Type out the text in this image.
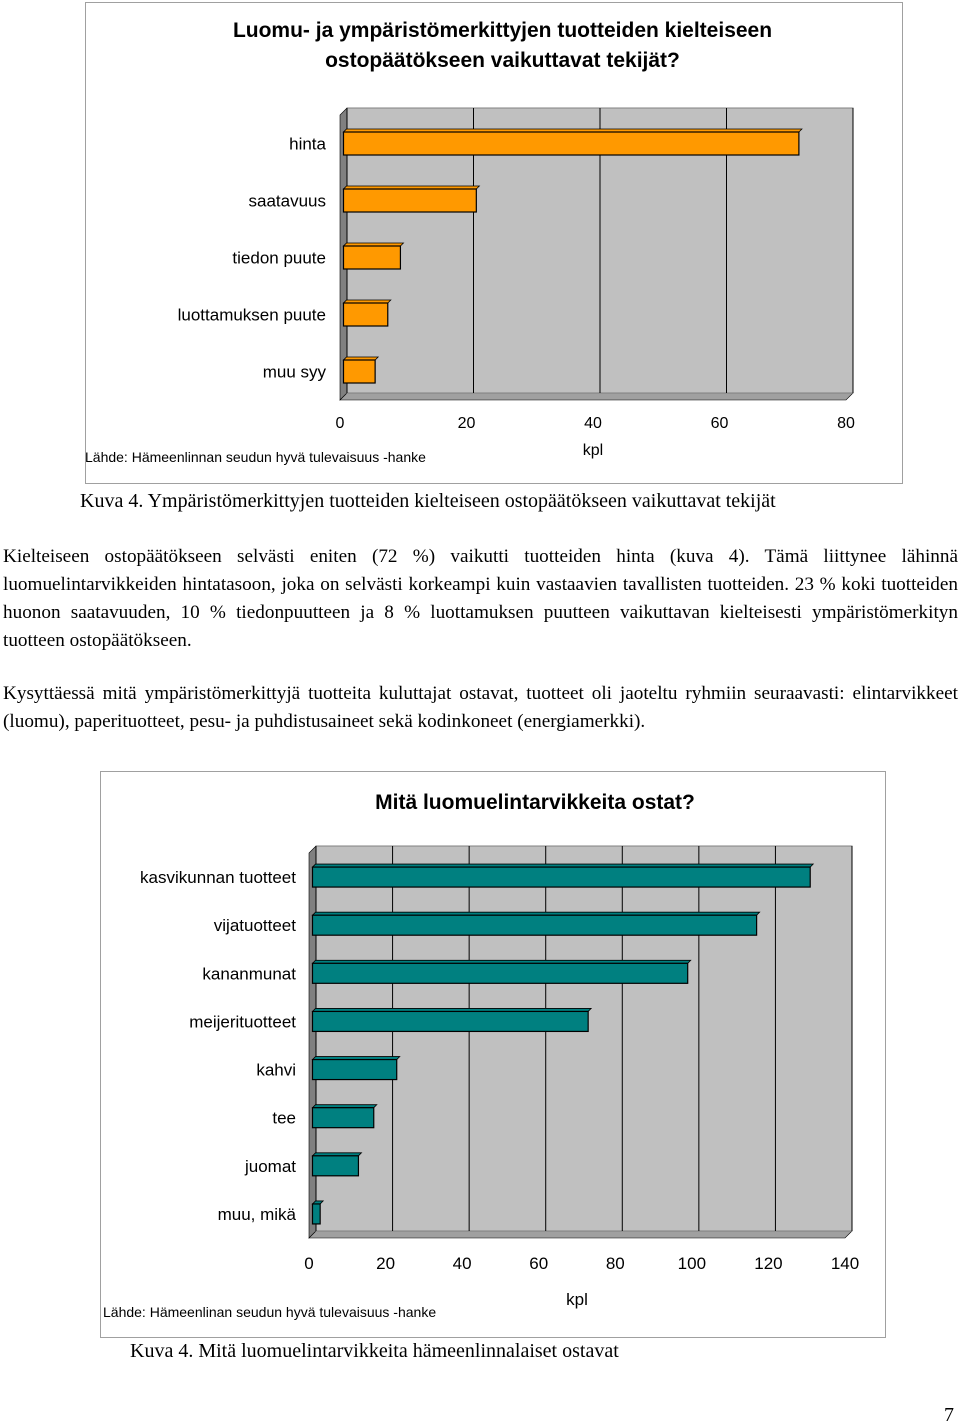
Luomu- ja ympäristömerkittyjen tuotteiden kielteiseen ostopäätökseen vaikuttavat tekijät?
hinta
saatavuus
tiedon puute
luottamuksen puute
muu syy
0	20	40	60	80
kpl
Lähde: Hämeenlinnan seudun hyvä tulevaisuus -hanke
Kuva 4. Ympäristömerkittyjen tuotteiden kielteiseen ostopäätökseen vaikuttavat tekijät

Kielteiseen ostopäätökseen selvästi eniten (72 %) vaikutti tuotteiden hinta (kuva 4). Tämä liittynee lähinnä luomuelintarvikkeiden hintatasoon, joka on selvästi korkeampi kuin vastaavien tavallisten tuotteiden. 23 % koki tuotteiden huonon saatavuuden, 10 % tiedonpuutteen ja 8 % luottamuksen puutteen vaikuttavan kielteisesti ympäristömerkityn tuotteen ostopäätökseen.

Kysyttäessä mitä ympäristömerkittyjä tuotteita kuluttajat ostavat, tuotteet oli jaoteltu ryhmiin seuraavasti: elintarvikkeet (luomu), paperituotteet, pesu- ja puhdistusaineet sekä kodinkoneet (energiamerkki).

Mitä luomuelintarvikkeita ostat?
kasvikunnan tuotteet
vijatuotteet
kananmunat
meijerituotteet
kahvi
tee
juomat
muu, mikä
0	20	40	60	80	100	120	140
kpl
Lähde: Hämeenlinan seudun hyvä tulevaisuus -hanke
Kuva 4. Mitä luomuelintarvikkeita hämeenlinnalaiset ostavat
7
